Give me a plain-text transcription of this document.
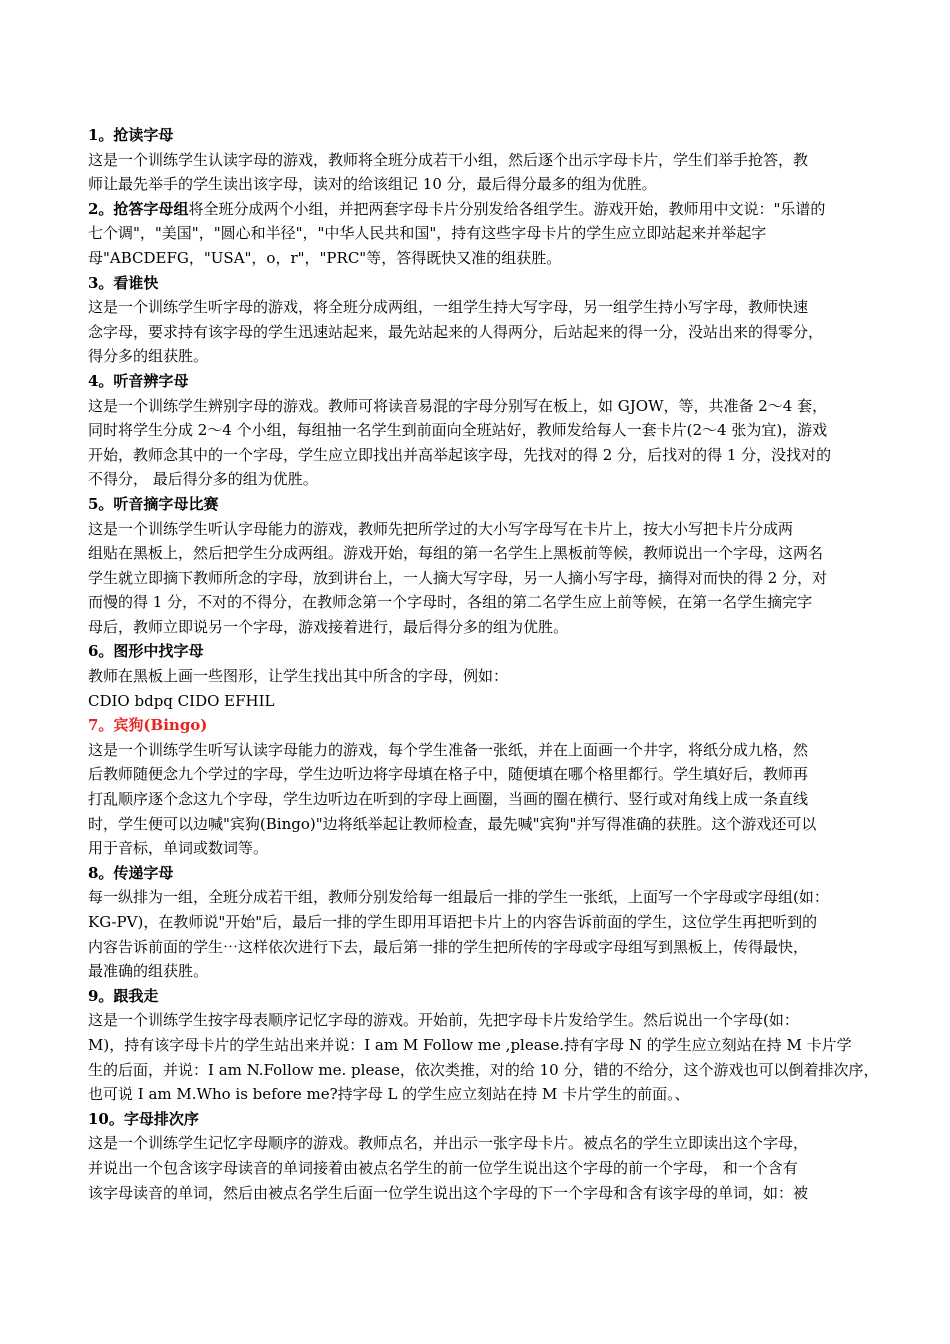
1。抢读字母
这是一个训练学生认读字母的游戏，教师将全班分成若干小组，然后逐个出示字母卡片，学生们举手抢答，教
师让最先举手的学生读出该字母，读对的给该组记 10 分，最后得分最多的组为优胜。
2。抢答字母组将全班分成两个小组，并把两套字母卡片分别发给各组学生。游戏开始，教师用中文说："乐谱的
七个调"，"美国"，"圆心和半径"，"中华人民共和国"，持有这些字母卡片的学生应立即站起来并举起字
母"ABCDEFG，"USA"，o，r"，"PRC"等，答得既快又准的组获胜。
3。看谁快
这是一个训练学生听字母的游戏，将全班分成两组，一组学生持大写字母，另一组学生持小写字母，教师快速
念字母，要求持有该字母的学生迅速站起来，最先站起来的人得两分，后站起来的得一分，没站出来的得零分，
得分多的组获胜。
4。听音辨字母
这是一个训练学生辨别字母的游戏。教师可将读音易混的字母分别写在板上，如 GJOW，等，共准备 2～4 套，
同时将学生分成 2～4 个小组，每组抽一名学生到前面向全班站好，教师发给每人一套卡片(2～4 张为宜)，游戏
开始，教师念其中的一个字母，学生应立即找出并高举起该字母，先找对的得 2 分，后找对的得 1 分，没找对的
不得分， 最后得分多的组为优胜。
5。听音摘字母比赛
这是一个训练学生听认字母能力的游戏，教师先把所学过的大小写字母写在卡片上，按大小写把卡片分成两
组贴在黑板上，然后把学生分成两组。游戏开始，每组的第一名学生上黑板前等候，教师说出一个字母，这两名
学生就立即摘下教师所念的字母，放到讲台上，一人摘大写字母，另一人摘小写字母，摘得对而快的得 2 分，对
而慢的得 1 分，不对的不得分，在教师念第一个字母时，各组的第二名学生应上前等候，在第一名学生摘完字
母后，教师立即说另一个字母，游戏接着进行，最后得分多的组为优胜。
6。图形中找字母
教师在黑板上画一些图形，让学生找出其中所含的字母，例如：
CDIO bdpq CIDO EFHIL
7。宾狗(Bingo)
这是一个训练学生听写认读字母能力的游戏，每个学生准备一张纸，并在上面画一个井字，将纸分成九格，然
后教师随便念九个学过的字母，学生边听边将字母填在格子中，随便填在哪个格里都行。学生填好后，教师再
打乱顺序逐个念这九个字母，学生边听边在听到的字母上画圈，当画的圈在横行、竖行或对角线上成一条直线
时，学生便可以边喊"宾狗(Bingo)"边将纸举起让教师检查，最先喊"宾狗"并写得准确的获胜。这个游戏还可以
用于音标，单词或数词等。
8。传递字母
每一纵排为一组，全班分成若干组，教师分别发给每一组最后一排的学生一张纸，上面写一个字母或字母组(如：
KG-PV)，在教师说"开始"后，最后一排的学生即用耳语把卡片上的内容告诉前面的学生，这位学生再把听到的
内容告诉前面的学生⋯这样依次进行下去，最后第一排的学生把所传的字母或字母组写到黑板上，传得最快，
最准确的组获胜。
9。跟我走
这是一个训练学生按字母表顺序记忆字母的游戏。开始前，先把字母卡片发给学生。然后说出一个字母(如：
M)，持有该字母卡片的学生站出来并说：I am M Follow me ,please.持有字母 N 的学生应立刻站在持 M 卡片学
生的后面，并说：I am N.Follow me. please，依次类推，对的给 10 分，错的不给分，这个游戏也可以倒着排次序，
也可说 I am M.Who is before me?持字母 L 的学生应立刻站在持 M 卡片学生的前面。、
10。字母排次序
这是一个训练学生记忆字母顺序的游戏。教师点名，并出示一张字母卡片。被点名的学生立即读出这个字母，
并说出一个包含该字母读音的单词接着由被点名学生的前一位学生说出这个字母的前一个字母， 和一个含有
该字母读音的单词，然后由被点名学生后面一位学生说出这个字母的下一个字母和含有该字母的单词，如：被
